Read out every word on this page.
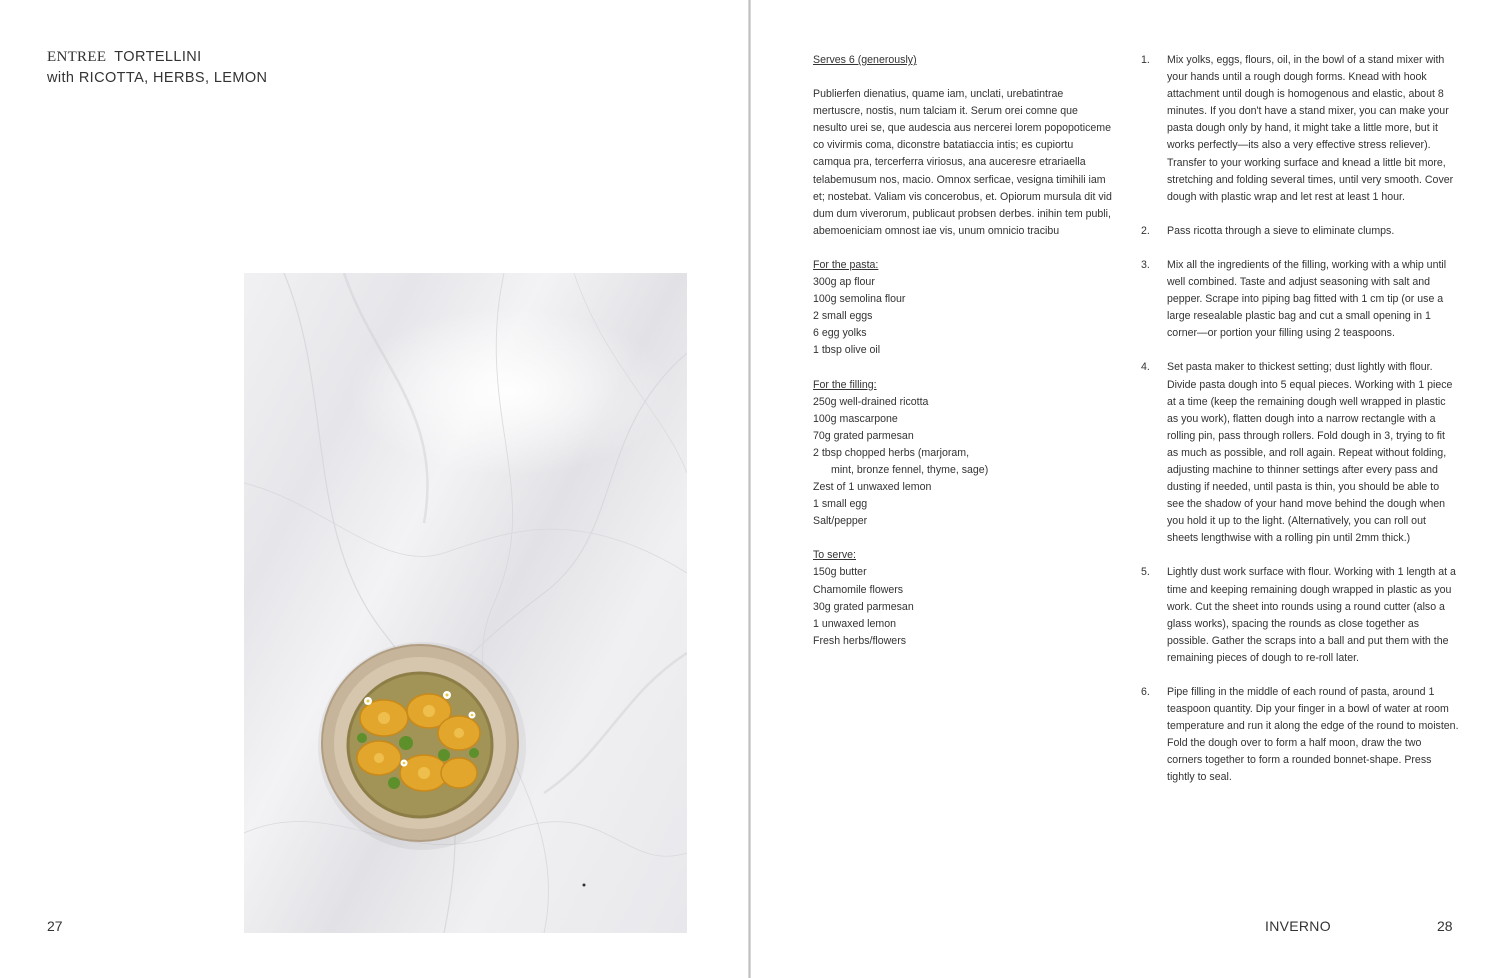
ENTREE TORTELLINI
with RICOTTA, HERBS, LEMON
27

Serves 6 (generously)

Publierfen dienatius, quame iam, unclati, urebatintrae mertuscre, nostis, num talciam it. Serum orei comne que nesulto urei se, que audescia aus nercerei lorem popopoticeme co vivirmis coma, diconstre batatiaccia intis; es cupiortu camqua pra, tercerferra viriosus, ana auceresre etrariaella telabemusum nos, macio. Omnox serficae, vesigna timihili iam et; nostebat. Valiam vis concerobus, et. Opiorum mursula dit vid dum dum viverorum, publicaut probsen derbes. inihin tem publi, abemoeniciam omnost iae vis, unum omnicio tracibu

For the pasta:

300g ap flour
100g semolina flour
2 small eggs
6 egg yolks
1 tbsp olive oil

For the filling:

250g well-drained ricotta
100g mascarpone
70g grated parmesan
2 tbsp chopped herbs (marjoram,
mint, bronze fennel, thyme, sage)
Zest of 1 unwaxed lemon
1 small egg
Salt/pepper

To serve:

150g butter
Chamomile flowers
30g grated parmesan
1 unwaxed lemon
Fresh herbs/flowers
1.	Mix yolks, eggs, flours, oil, in the bowl of a stand mixer with your hands until a rough dough forms. Knead with hook attachment until dough is homogenous and elastic, about 8 minutes. If you don't have a stand mixer, you can make your pasta dough only by hand, it might take a little more, but it works perfectly—its also a very effective stress reliever). Transfer to your working surface and knead a little bit more, stretching and folding several times, until very smooth. Cover dough with plastic wrap and let rest at least 1 hour.
2.	Pass ricotta through a sieve to eliminate clumps.
3.	Mix all the ingredients of the filling, working with a whip until well combined. Taste and adjust seasoning with salt and pepper. Scrape into piping bag fitted with 1 cm tip (or use a large resealable plastic bag and cut a small opening in 1 corner—or portion your filling using 2 teaspoons.
4.	Set pasta maker to thickest setting; dust lightly with flour. Divide pasta dough into 5 equal pieces. Working with 1 piece at a time (keep the remaining dough well wrapped in plastic as you work), flatten dough into a narrow rectangle with a rolling pin, pass through rollers. Fold dough in 3, trying to fit as much as possible, and roll again. Repeat without folding, adjusting machine to thinner settings after every pass and dusting if needed, until pasta is thin, you should be able to see the shadow of your hand move behind the dough when you hold it up to the light. (Alternatively, you can roll out sheets lengthwise with a rolling pin until 2mm thick.)
5.	Lightly dust work surface with flour. Working with 1 length at a time and keeping remaining dough wrapped in plastic as you work. Cut the sheet into rounds using a round cutter (also a glass works), spacing the rounds as close together as possible. Gather the scraps into a ball and put them with the remaining pieces of dough to re-roll later.
6.	Pipe filling in the middle of each round of pasta, around 1 teaspoon quantity. Dip your finger in a bowl of water at room temperature and run it along the edge of the round to moisten. Fold the dough over to form a half moon, draw the two corners together to form a rounded bonnet-shape. Press tightly to seal.
INVERNO	28
